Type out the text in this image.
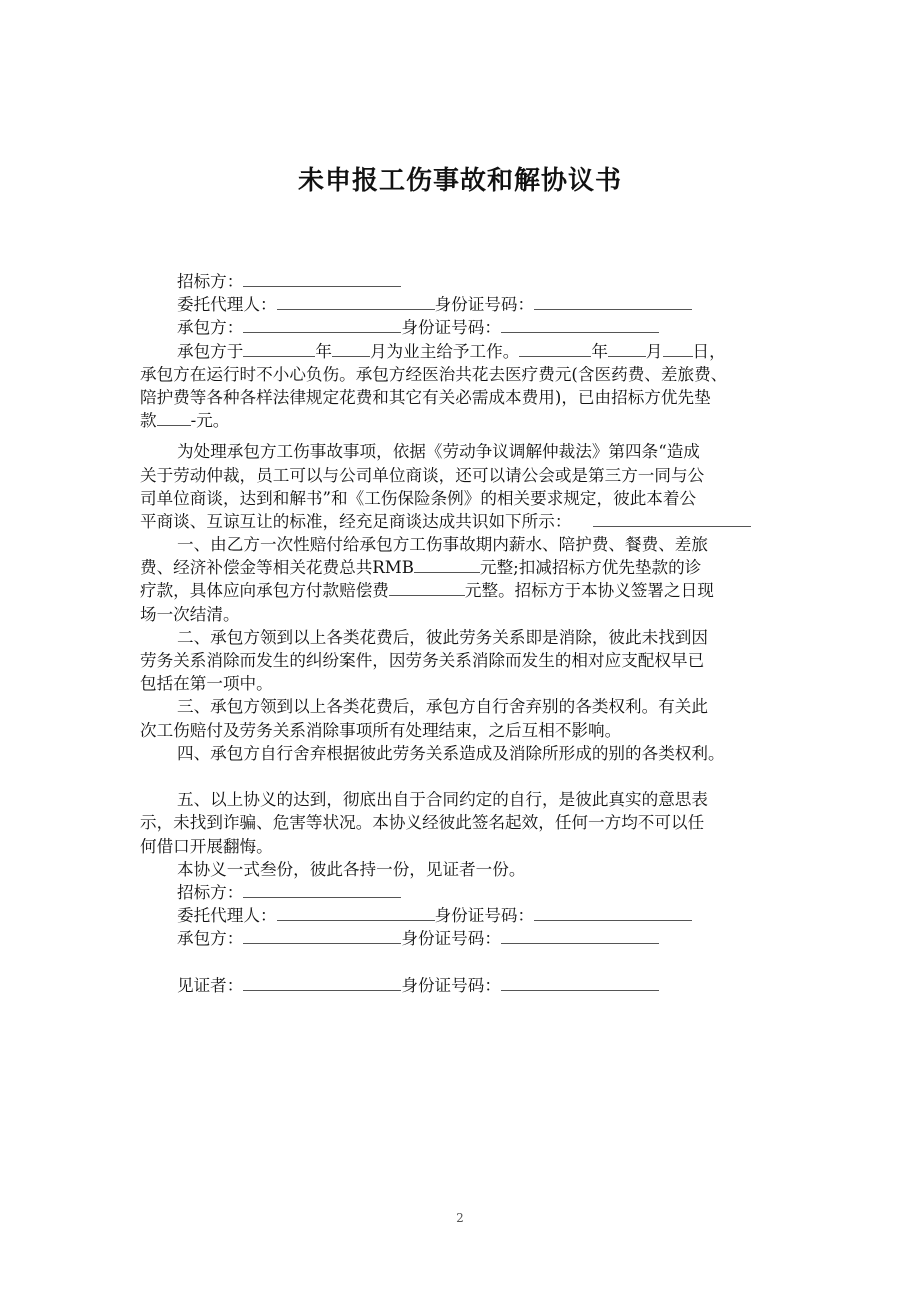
未申报工伤事故和解协议书
招标方：
委托代理人：	身份证号码：
承包方：	身份证号码：
承包方于	年 月为业主给予工作。	年 月 日，
承包方在运行时不小心负伤。承包方经医治共花去医疗费元(含医药费、差旅费、
陪护费等各种各样法律规定花费和其它有关必需成本费用)，已由招标方优先垫
款 -元。
为处理承包方工伤事故事项，依据《劳动争议调解仲裁法》第四条“造成
关于劳动仲裁，员工可以与公司单位商谈，还可以请公会或是第三方一同与公
司单位商谈，达到和解书”和《工伤保险条例》的相关要求规定，彼此本着公
平商谈、互谅互让的标准，经充足商谈达成共识如下所示：
一、由乙方一次性赔付给承包方工伤事故期内薪水、陪护费、餐费、差旅
费、经济补偿金等相关花费总共RMB	元整;扣减招标方优先垫款的诊
疗款，具体应向承包方付款赔偿费	元整。招标方于本协义签署之日现
场一次结清。
二、承包方领到以上各类花费后，彼此劳务关系即是消除，彼此未找到因
劳务关系消除而发生的纠纷案件，因劳务关系消除而发生的相对应支配权早已
包括在第一项中。
三、承包方领到以上各类花费后，承包方自行舍弃别的各类权利。有关此
次工伤赔付及劳务关系消除事项所有处理结束，之后互相不影响。
四、承包方自行舍弃根据彼此劳务关系造成及消除所形成的别的各类权利。
五、以上协义的达到，彻底出自于合同约定的自行，是彼此真实的意思表
示，未找到诈骗、危害等状况。本协义经彼此签名起效，任何一方均不可以任
何借口开展翻悔。
本协义一式叁份，彼此各持一份，见证者一份。
招标方：
委托代理人：	身份证号码：
承包方：	身份证号码：
见证者：	身份证号码：
2
